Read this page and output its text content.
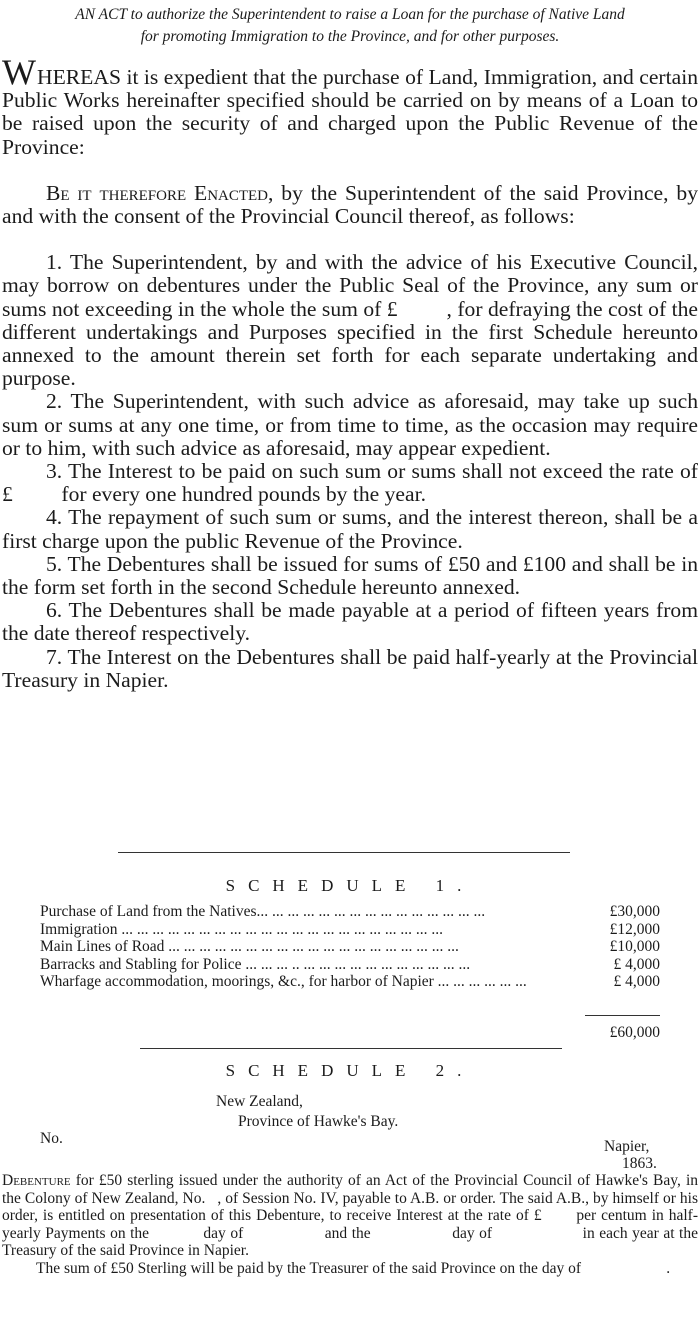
AN ACT to authorize the Superintendent to raise a Loan for the purchase of Native Land
for promoting Immigration to the Province, and for other purposes.

WHEREAS it is expedient that the purchase of Land, Immigration, and certain Public Works hereinafter specified should be carried on by means of a Loan to be raised upon the security of and charged upon the Public Revenue of the Province:

Be it therefore Enacted, by the Superintendent of the said Province, by and with the consent of the Provincial Council thereof, as follows:

1. The Superintendent, by and with the advice of his Executive Council, may borrow on debentures under the Public Seal of the Province, any sum or sums not exceeding in the whole the sum of £         , for defraying the cost of the different undertakings and Purposes specified in the first Schedule hereunto annexed to the amount therein set forth for each separate undertaking and purpose.

2. The Superintendent, with such advice as aforesaid, may take up such sum or sums at any one time, or from time to time, as the occasion may require or to him, with such advice as aforesaid, may appear expedient.

3. The Interest to be paid on such sum or sums shall not exceed the rate of £         for every one hundred pounds by the year.

4. The repayment of such sum or sums, and the interest thereon, shall be a first charge upon the public Revenue of the Province.

5. The Debentures shall be issued for sums of £50 and £100 and shall be in the form set forth in the second Schedule hereunto annexed.

6. The Debentures shall be made payable at a period of fifteen years from the date thereof respectively.

7. The Interest on the Debentures shall be paid half-yearly at the Provincial Treasury in Napier.

SCHEDULE 1.
Purchase of Land from the Natives... ... ... ... ... ... ... ... ... ... ... ... ... ... ...	£30,000
Immigration ... ... ... ... ... ... ... ... ... ... ... ... ... ... ... ... ... ... ... ... ...	£12,000
Main Lines of Road ... ... ... ... ... ... ... ... ... ... ... ... ... ... ... ... ... ... ...	£10,000
Barracks and Stabling for Police ... ... ... .. ... ... ... ... ... ... ... ... ... ... ...	£ 4,000
Wharfage accommodation, moorings, &c., for harbor of Napier ... ... ... ... ... ...	£ 4,000
£60,000
SCHEDULE 2.
New Zealand,
Province of Hawke's Bay.
No.	Napier,
1863.

Debenture for £50 sterling issued under the authority of an Act of the Provincial Council of Hawke's Bay, in the Colony of New Zealand, No.   , of Session No. IV, payable to A.B. or order. The said A.B., by himself or his order, is entitled on presentation of this Debenture, to receive Interest at the rate of £       per centum in half-yearly Payments on the            day of                  and the                  day of                    in each year at the Treasury of the said Province in Napier.

The sum of £50 Sterling will be paid by the Treasurer of the said Province on the day of                      .
